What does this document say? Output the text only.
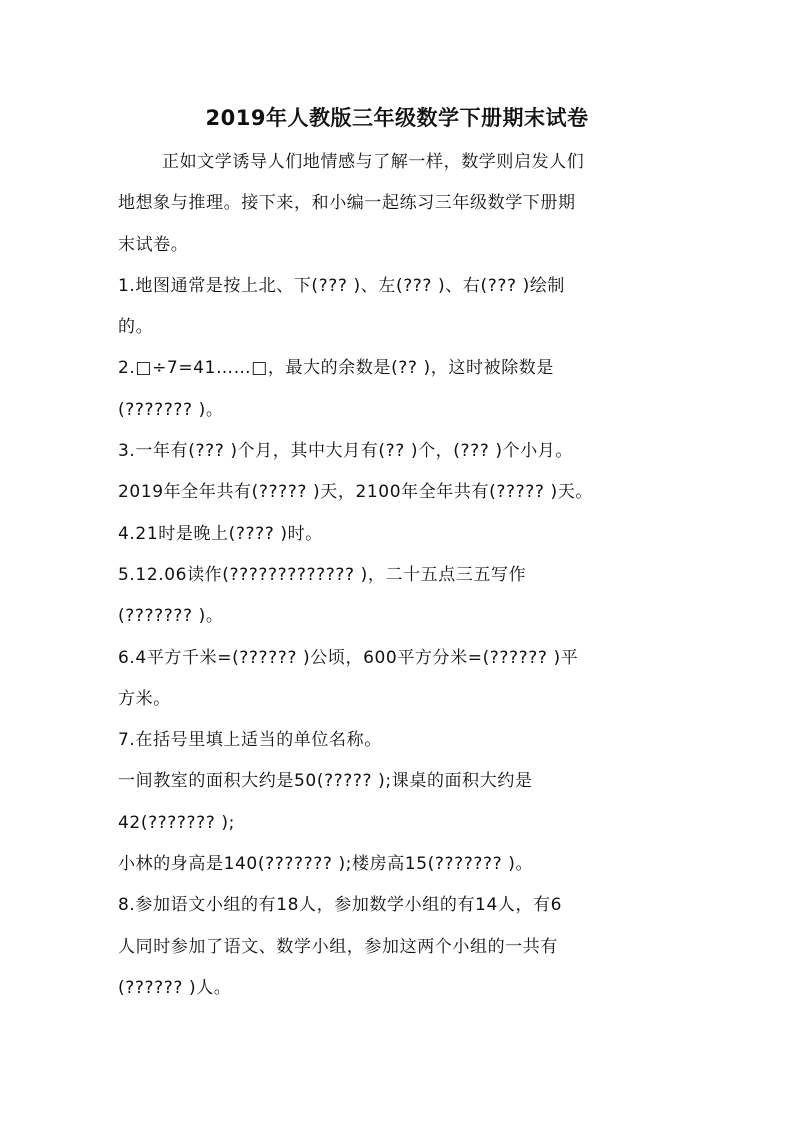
2019年人教版三年级数学下册期末试卷
正如文学诱导人们地情感与了解一样，数学则启发人们
地想象与推理。接下来，和小编一起练习三年级数学下册期
末试卷。
1.地图通常是按上北、下(??? )、左(??? )、右(??? )绘制
的。
2.□÷7=41……□，最大的余数是(?? )，这时被除数是
(??????? )。
3.一年有(??? )个月，其中大月有(?? )个，(??? )个小月。
2019年全年共有(????? )天，2100年全年共有(????? )天。
4.21时是晚上(???? )时。
5.12.06读作(????????????? )，二十五点三五写作
(??????? )。
6.4平方千米=(?????? )公顷，600平方分米=(?????? )平
方米。
7.在括号里填上适当的单位名称。
一间教室的面积大约是50(????? );课桌的面积大约是
42(??????? );
小林的身高是140(??????? );楼房高15(??????? )。
8.参加语文小组的有18人，参加数学小组的有14人，有6
人同时参加了语文、数学小组，参加这两个小组的一共有
(?????? )人。
